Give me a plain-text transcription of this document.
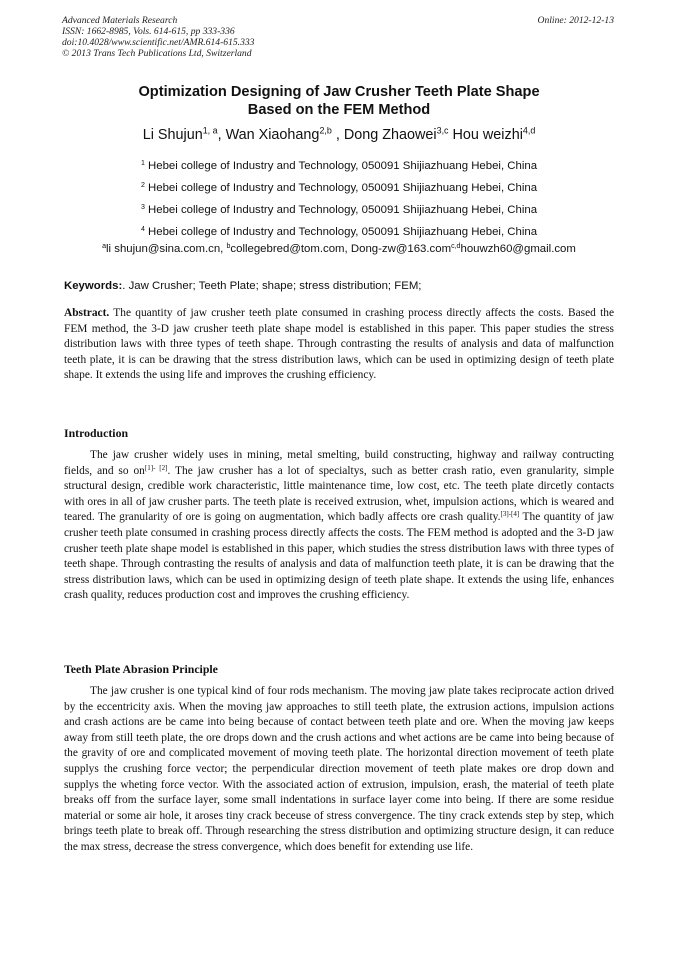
Advanced Materials Research
ISSN: 1662-8985, Vols. 614-615, pp 333-336
doi:10.4028/www.scientific.net/AMR.614-615.333
© 2013 Trans Tech Publications Ltd, Switzerland
Online: 2012-12-13
Optimization Designing of Jaw Crusher Teeth Plate Shape
Based on the FEM Method
Li Shujun$^{1, a}$, Wan Xiaohang$^{2,b}$ , Dong Zhaowei$^{3,c}$ Hou weizhi$^{4,d}$
$^1$ Hebei college of Industry and Technology, 050091 Shijiazhuang Hebei, China
$^2$ Hebei college of Industry and Technology, 050091 Shijiazhuang Hebei, China
$^3$ Hebei college of Industry and Technology, 050091 Shijiazhuang Hebei, China
$^4$ Hebei college of Industry and Technology, 050091 Shijiazhuang Hebei, China
$^a$li shujun@sina.com.cn, $^b$collegebred@tom.com, Dong-zw@163.com$^{c,d}$houwzh60@gmail.com
Keywords:. Jaw Crusher; Teeth Plate; shape; stress distribution; FEM;
Abstract. The quantity of jaw crusher teeth plate consumed in crashing process directly affects the costs. Based the FEM method, the 3-D jaw crusher teeth plate shape model is established in this paper. This paper studies the stress distribution laws with three types of teeth shape. Through contrasting the results of analysis and data of malfunction teeth plate, it is can be drawing that the stress distribution laws, which can be used in optimizing design of teeth plate shape. It extends the using life and improves the crushing efficiency.
Introduction
The jaw crusher widely uses in mining, metal smelting, build constructing, highway and railway contructing fields, and so on[1]- [2]. The jaw crusher has a lot of specialtys, such as better crash ratio, even granularity, simple structural design, credible work characteristic, little maintenance time, low cost, etc. The teeth plate dircetly contacts with ores in all of jaw crusher parts. The teeth plate is received extrusion, whet, impulsion actions, which is weared and teared. The granularity of ore is going on augmentation, which badly affects ore crash quality.[3]-[4] The quantity of jaw crusher teeth plate consumed in crashing process directly affects the costs. The FEM method is adopted and the 3-D jaw crusher teeth plate shape model is established in this paper, which studies the stress distribution laws with three types of teeth shape. Through contrasting the results of analysis and data of malfunction teeth plate, it is can be drawing that the stress distribution laws, which can be used in optimizing design of teeth plate shape. It extends the using life, enhances crash quality, reduces production cost and improves the crushing efficiency.
Teeth Plate Abrasion Principle
The jaw crusher is one typical kind of four rods mechanism. The moving jaw plate takes reciprocate action drived by the eccentricity axis. When the moving jaw approaches to still teeth plate, the extrusion actions, impulsion actions and crash actions are be came into being because of contact between teeth plate and ore. When the moving jaw keeps away from still teeth plate, the ore drops down and the crush actions and whet actions are be came into being because of the gravity of ore and complicated movement of moving teeth plate. The horizontal direction movement of teeth plate supplys the crushing force vector; the perpendicular direction movement of teeth plate makes ore drop down and supplys the wheting force vector. With the associated action of extrusion, impulsion, erash, the material of teeth plate breaks off from the surface layer, some small indentations in surface layer come into being. If there are some residue material or some air hole, it aroses tiny crack beceuse of stress convergence. The tiny crack extends step by step, which brings teeth plate to break off. Through researching the stress distribution and optimizing structure design, it can reduce the max stress, decrease the stress convergence, which does benefit for extending use life.
